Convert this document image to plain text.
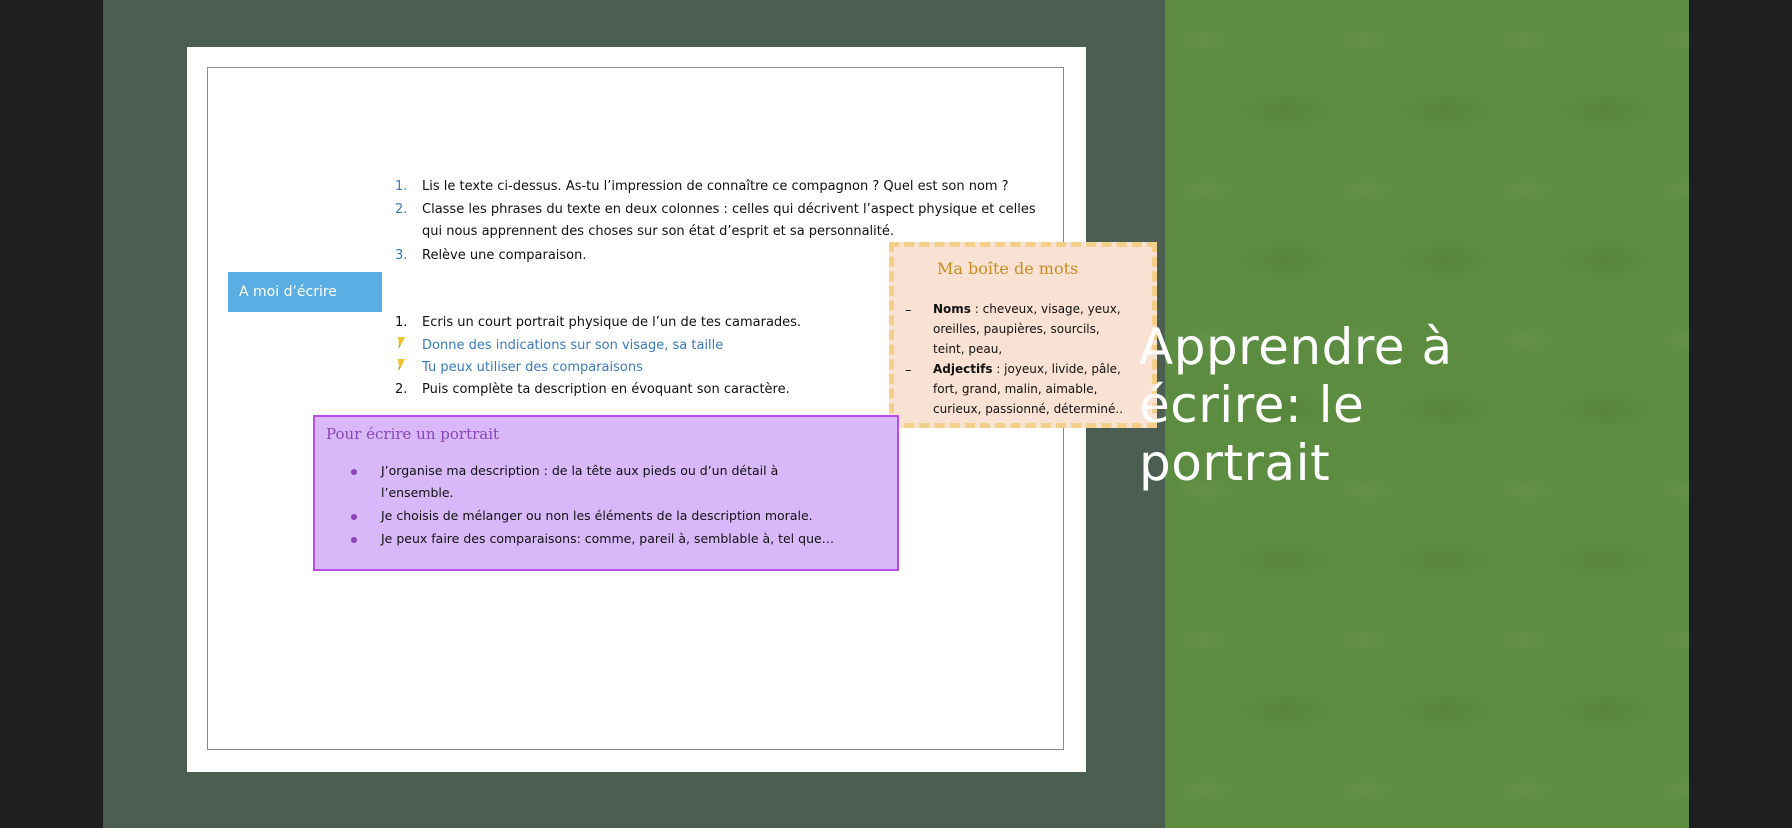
1. Lis le texte ci-dessus. As-tu l’impression de connaître ce compagnon ? Quel est son nom ?
2. Classe les phrases du texte en deux colonnes : celles qui décrivent l’aspect physique et celles
qui nous apprennent des choses sur son état d’esprit et sa personnalité.
3. Relève une comparaison.
A moi d’écrire
1. Ecris un court portrait physique de l’un de tes camarades.
Donne des indications sur son visage, sa taille
Tu peux utiliser des comparaisons
2. Puis complète ta description en évoquant son caractère.
Ma boîte de mots
– Noms : cheveux, visage, yeux,
oreilles, paupières, sourcils,
teint, peau,
– Adjectifs : joyeux, livide, pâle,
fort, grand, malin, aimable,
curieux, passionné, déterminé..
Pour écrire un portrait
J’organise ma description : de la tête aux pieds ou d’un détail à
l’ensemble.
Je choisis de mélanger ou non les éléments de la description morale.
Je peux faire des comparaisons: comme, pareil à, semblable à, tel que…
Apprendre à écrire: le portrait
